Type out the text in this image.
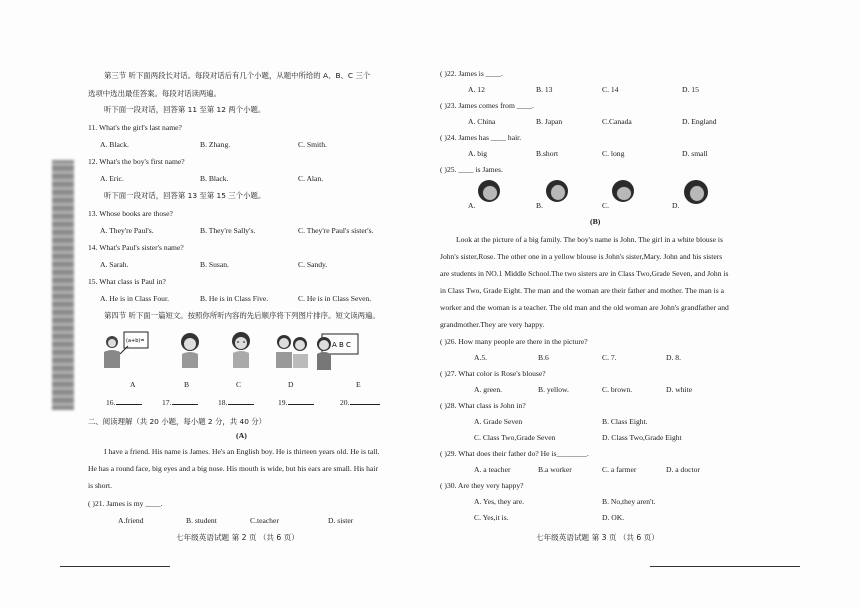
第三节 听下面两段长对话。每段对话后有几个小题，从题中所给的 A、B、C 三个
选项中选出最佳答案。每段对话读两遍。
听下面一段对话，回答第 11 至第 12 两个小题。
11. What's the girl's last name?
A. Black.	B. Zhang.	C. Smith.
12. What's the boy's first name?
A. Eric.	B. Black.	C. Alan.
听下面一段对话，回答第 13 至第 15 三个小题。
13. Whose books are those?
A. They're Paul's.	B. They're Sally's.	C. They're Paul's sister's.
14. What's Paul's sister's name?
A. Sarah.	B. Susan.	C. Sandy.
15. What class is Paul in?
A. He is in Class Four.	B. He is in Class Five.	C. He is in Class Seven.
第四节 听下面一篇短文。按照你所听内容的先后顺序将下列图片排序。短文读两遍。
(a+b)=	A B C
A	B	C	D	E
16.	17.	18.	19.	20.
二、阅读理解（共 20 小题，每小题 2 分，共 40 分）
(A)
I have a friend. His name is James. He's an English boy. He is thirteen years old. He is tall.
He has a round face, big eyes and a big nose. His mouth is wide, but his ears are small. His hair
is short.
( )21. James is my ____.
A.friend	B. student	C.teacher	D. sister
七年级英语试题 第 2 页 （共 6 页）
( )22. James is ____.
A. 12	B. 13	C. 14	D. 15
( )23. James comes from ____.
A. China	B. Japan	C.Canada	D. England
( )24. James has ____ hair.
A. big	B.short	C. long	D. small
( )25. ____ is James.
A.	B.	C.	D.
(B)
Look at the picture of a big family. The boy's name is John. The girl in a white blouse is
John's sister,Rose. The other one in a yellow blouse is John's sister,Mary. John and his sisters
are students in NO.1 Middle School.The two sisters are in Class Two,Grade Seven, and John is
in Class Two, Grade Eight. The man and the woman are their father and mother. The man is a
worker and the woman is a teacher. The old man and the old woman are John's grandfather and
grandmother.They are very happy.
( )26. How many people are there in the picture?
A.5.	B.6	C. 7.	D. 8.
( )27. What color is Rose's blouse?
A. green.	B. yellow.	C. brown.	D. white
( )28. What class is John in?
A. Grade Seven	B. Class Eight.
C. Class Two,Grade Seven	D. Class Two,Grade Eight
( )29. What does their father do? He is________.
A. a teacher	B.a worker	C. a farmer	D. a doctor
( )30. Are they very happy?
A. Yes, they are.	B. No,they aren't.
C. Yes,it is.	D. OK.
七年级英语试题 第 3 页 （共 6 页）
